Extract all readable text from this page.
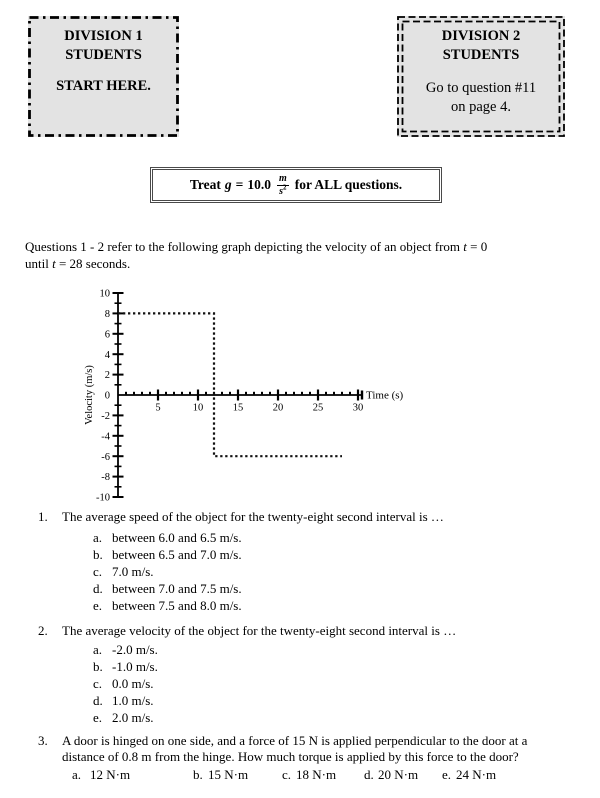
DIVISION 1
STUDENTS
START HERE.
DIVISION 2
STUDENTS
Go to question #11
on page 4.
Treat $g = 10.0 \frac{m}{s^2}$ for ALL questions.
Questions 1 - 2 refer to the following graph depicting the velocity of an object from t = 0
until t = 28 seconds.
5	10	15	20	25	30
10
8
6
4
2
0
-2
-4
-6
-8
-10
Time (s)
Velocity (m/s)
1. The average speed of the object for the twenty-eight second interval is …
a. between 6.0 and 6.5 m/s.
b. between 6.5 and 7.0 m/s.
c. 7.0 m/s.
d. between 7.0 and 7.5 m/s.
e. between 7.5 and 8.0 m/s.
2. The average velocity of the object for the twenty-eight second interval is …
a. -2.0 m/s.
b. -1.0 m/s.
c. 0.0 m/s.
d. 1.0 m/s.
e. 2.0 m/s.
3. A door is hinged on one side, and a force of 15 N is applied perpendicular to the door at a
distance of 0.8 m from the hinge. How much torque is applied by this force to the door?
a. 12 N·m	b. 15 N·m	c. 18 N·m d. 20 N·m e. 24 N·m
